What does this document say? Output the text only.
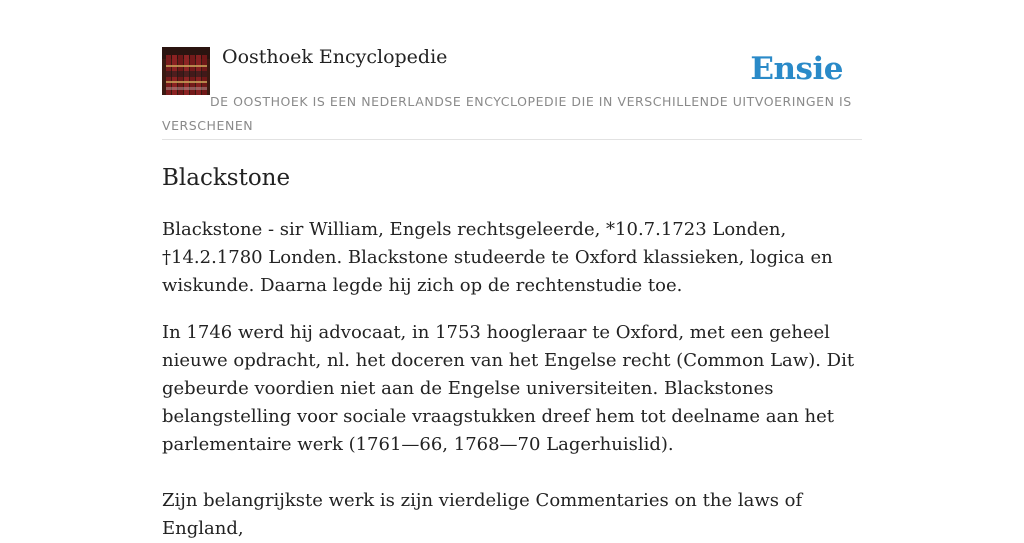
Oosthoek Encyclopedie	Ensie
DE OOSTHOEK IS EEN NEDERLANDSE ENCYCLOPEDIE DIE IN VERSCHILLENDE UITVOERINGEN IS VERSCHENEN
Blackstone

Blackstone - sir William, Engels rechtsgeleerde, *10.7.1723 Londen, †14.2.1780 Londen. Blackstone studeerde te Oxford klassieken, logica en wiskunde. Daarna legde hij zich op de rechtenstudie toe.

In 1746 werd hij advocaat, in 1753 hoogleraar te Oxford, met een geheel nieuwe opdracht, nl. het doceren van het Engelse recht (Common Law). Dit gebeurde voordien niet aan de Engelse universiteiten. Blackstones belangstelling voor sociale vraagstukken dreef hem tot deelname aan het parlementaire werk (1761—66, 1768—70 Lagerhuislid).

Zijn belangrijkste werk is zijn vierdelige Commentaries on the laws of England,
